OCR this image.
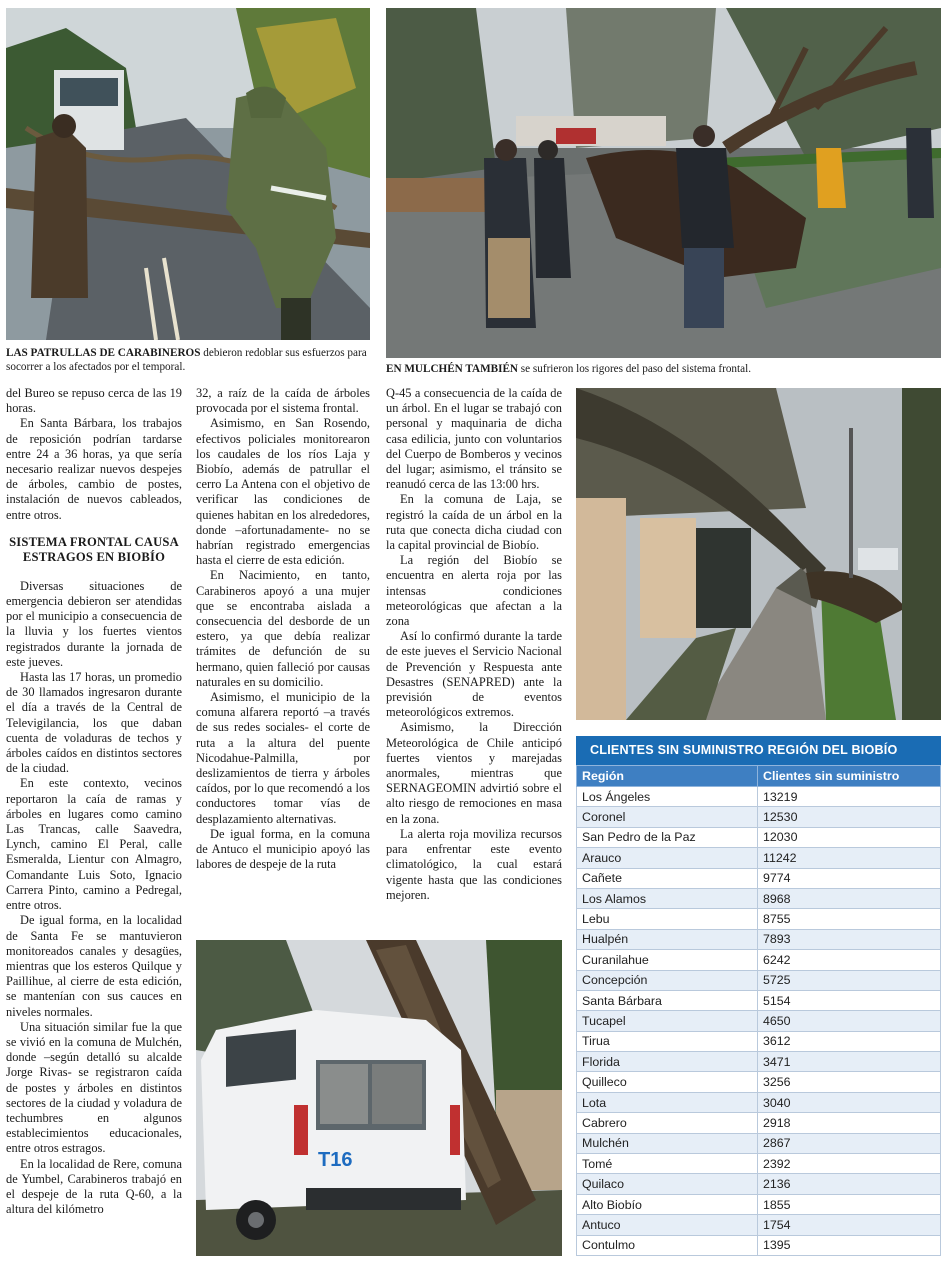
LAS PATRULLAS DE CARABINEROS debieron redoblar sus esfuerzos para socorrer a los afectados por el temporal.	EN MULCHÉN TAMBIÉN se sufrieron los rigores del paso del sistema frontal.

del Bureo se repuso cerca de las 19 horas.

En Santa Bárbara, los trabajos de reposición podrían tardarse entre 24 a 36 horas, ya que sería necesario realizar nuevos despejes de árboles, cambio de postes, instalación de nuevos cableados, entre otros.

SISTEMA FRONTAL CAUSA ESTRAGOS EN BIOBÍO

Diversas situaciones de emergencia debieron ser atendidas por el municipio a consecuencia de la lluvia y los fuertes vientos registrados durante la jornada de este jueves.

Hasta las 17 horas, un promedio de 30 llamados ingresaron durante el día a través de la Central de Televigilancia, los que daban cuenta de voladuras de techos y árboles caídos en distintos sectores de la ciudad.

En este contexto, vecinos reportaron la caía de ramas y árboles en lugares como camino Las Trancas, calle Saavedra, Lynch, camino El Peral, calle Esmeralda, Lientur con Almagro, Comandante Luis Soto, Ignacio Carrera Pinto, camino a Pedregal, entre otros.

De igual forma, en la localidad de Santa Fe se mantuvieron monitoreados canales y desagües, mientras que los esteros Quilque y Paillihue, al cierre de esta edición, se mantenían con sus cauces en niveles normales.

Una situación similar fue la que se vivió en la comuna de Mulchén, donde –según detalló su alcalde Jorge Rivas- se registraron caída de postes y árboles en distintos sectores de la ciudad y voladura de techumbres en algunos establecimientos educacionales, entre otros estragos.

En la localidad de Rere, comuna de Yumbel, Carabineros trabajó en el despeje de la ruta Q-60, a la altura del kilómetro

32, a raíz de la caída de árboles provocada por el sistema frontal.

Asimismo, en San Rosendo, efectivos policiales monitorearon los caudales de los ríos Laja y Biobío, además de patrullar el cerro La Antena con el objetivo de verificar las condiciones de quienes habitan en los alrededores, donde –afortunadamente- no se habrían registrado emergencias hasta el cierre de esta edición.

En Nacimiento, en tanto, Carabineros apoyó a una mujer que se encontraba aislada a consecuencia del desborde de un estero, ya que debía realizar trámites de defunción de su hermano, quien falleció por causas naturales en su domicilio.

Asimismo, el municipio de la comuna alfarera reportó –a través de sus redes sociales- el corte de ruta a la altura del puente Nicodahue-Palmilla, por deslizamientos de tierra y árboles caídos, por lo que recomendó a los conductores tomar vías de desplazamiento alternativas.

De igual forma, en la comuna de Antuco el municipio apoyó las labores de despeje de la ruta

Q-45 a consecuencia de la caída de un árbol. En el lugar se trabajó con personal y maquinaria de dicha casa edilicia, junto con voluntarios del Cuerpo de Bomberos y vecinos del lugar; asimismo, el tránsito se reanudó cerca de las 13:00 hrs.

En la comuna de Laja, se registró la caída de un árbol en la ruta que conecta dicha ciudad con la capital provincial de Biobío.

La región del Biobío se encuentra en alerta roja por las intensas condiciones meteorológicas que afectan a la zona

Así lo confirmó durante la tarde de este jueves el Servicio Nacional de Prevención y Respuesta ante Desastres (SENAPRED) ante la previsión de eventos meteorológicos extremos.

Asimismo, la Dirección Meteorológica de Chile anticipó fuertes vientos y marejadas anormales, mientras que SERNAGEOMIN advirtió sobre el alto riesgo de remociones en masa en la zona.

La alerta roja moviliza recursos para enfrentar este evento climatológico, la cual estará vigente hasta que las condiciones mejoren.

T16
CLIENTES SIN SUMINISTRO REGIÓN DEL BIOBÍO
Región	Clientes sin suministro
Los Ángeles	13219
Coronel	12530
San Pedro de la Paz	12030
Arauco	11242
Cañete	9774
Los Alamos	8968
Lebu	8755
Hualpén	7893
Curanilahue	6242
Concepción	5725
Santa Bárbara	5154
Tucapel	4650
Tirua	3612
Florida	3471
Quilleco	3256
Lota	3040
Cabrero	2918
Mulchén	2867
Tomé	2392
Quilaco	2136
Alto Biobío	1855
Antuco	1754
Contulmo	1395
